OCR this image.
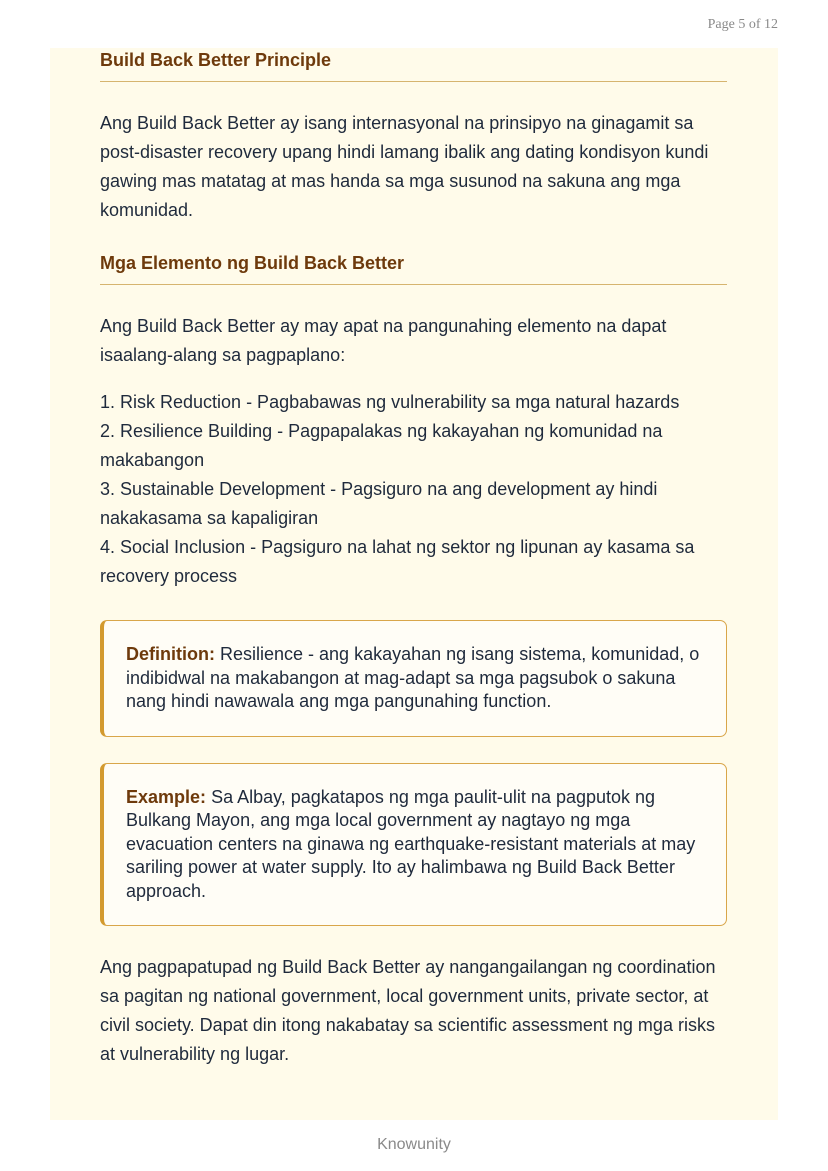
Page 5 of 12
Build Back Better Principle

Ang Build Back Better ay isang internasyonal na prinsipyo na ginagamit sa post-disaster recovery upang hindi lamang ibalik ang dating kondisyon kundi gawing mas matatag at mas handa sa mga susunod na sakuna ang mga komunidad.

Mga Elemento ng Build Back Better

Ang Build Back Better ay may apat na pangunahing elemento na dapat isaalang-alang sa pagpaplano:

1. Risk Reduction - Pagbabawas ng vulnerability sa mga natural hazards
2. Resilience Building - Pagpapalakas ng kakayahan ng komunidad na makabangon
3. Sustainable Development - Pagsiguro na ang development ay hindi nakakasama sa kapaligiran
4. Social Inclusion - Pagsiguro na lahat ng sektor ng lipunan ay kasama sa recovery process
Definition: Resilience - ang kakayahan ng isang sistema, komunidad, o indibidwal na makabangon at mag-adapt sa mga pagsubok o sakuna nang hindi nawawala ang mga pangunahing function.
Example: Sa Albay, pagkatapos ng mga paulit-ulit na pagputok ng Bulkang Mayon, ang mga local government ay nagtayo ng mga evacuation centers na ginawa ng earthquake-resistant materials at may sariling power at water supply. Ito ay halimbawa ng Build Back Better approach.

Ang pagpapatupad ng Build Back Better ay nangangailangan ng coordination sa pagitan ng national government, local government units, private sector, at civil society. Dapat din itong nakabatay sa scientific assessment ng mga risks at vulnerability ng lugar.

Knowunity
